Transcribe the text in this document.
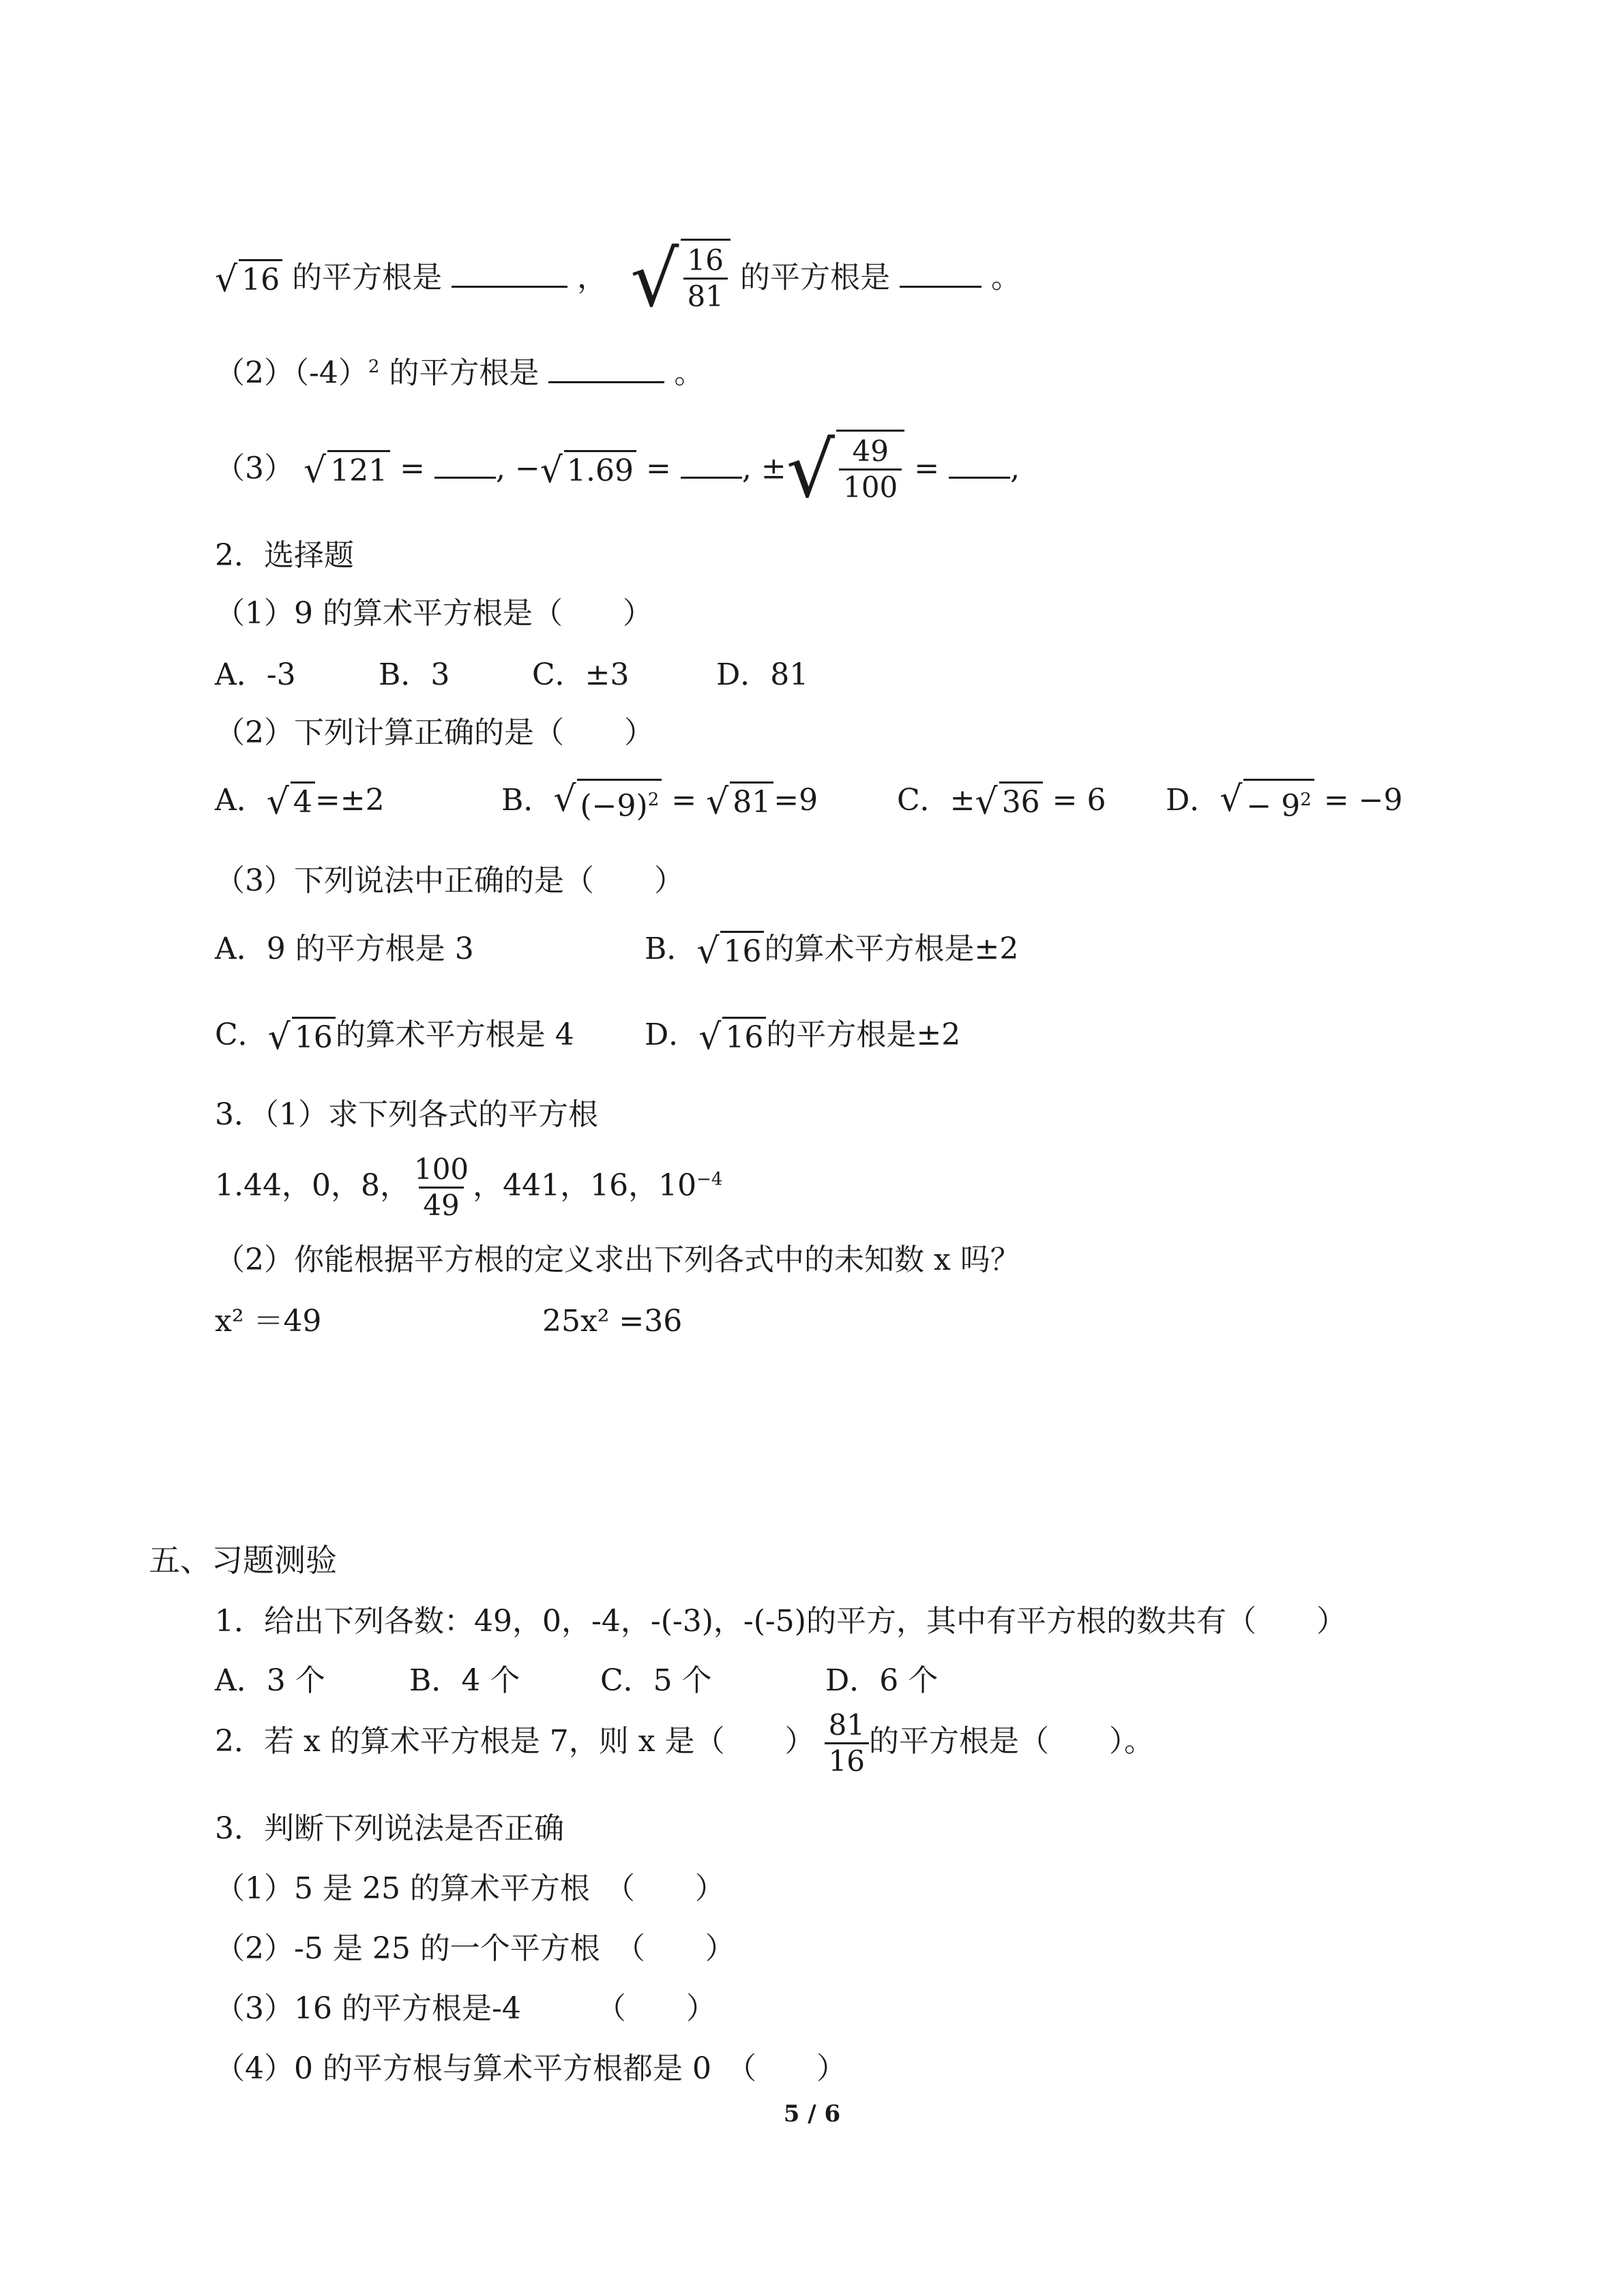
√ 16 的平方根是	， √ $\frac{16}{81}$ 的平方根是	。
$(2)(-4)^2$ 的平方根是	。
（3） √ 121 = , − √ 1.69 = , ± √ $\frac{49}{100}$ = ,
2．选择题
（1）9 的算术平方根是（　　）
A．-3	B．3	C．±3	D．81
（2）下列计算正确的是（　　）
A． √ 4 =±2	B． √ $(-9)^2$ = √ 81 =9	C．± √ 36 = 6 D． √ − $9^2 = -9$
（3）下列说法中正确的是（　　）
A．9 的平方根是 3	B． √ 16 的算术平方根是±2
C． √ 16 的算术平方根是 4 D． √ 16 的平方根是±2
3．（1）求下列各式的平方根
1.44，0，8， $\frac{100}{49}$ ，441，16，$10^{-4}$
（2）你能根据平方根的定义求出下列各式中的未知数 x 吗？
x² ＝49	25x² =36
五、习题测验
1．给出下列各数：49，0，-4，-(-3)，-(-5)的平方，其中有平方根的数共有（　　）
A．3 个	B．4 个	C．5 个	D．6 个
2．若 x 的算术平方根是 7，则 x 是（　　） $\frac{81}{16}$ 的平方根是（　　）。
3．判断下列说法是否正确
（1）5 是 25 的算术平方根　（　　）
（2）-5 是 25 的一个平方根　（　　）
（3）16 的平方根是-4　　　（　　）
（4）0 的平方根与算术平方根都是 0　（　　）
5 / 6
